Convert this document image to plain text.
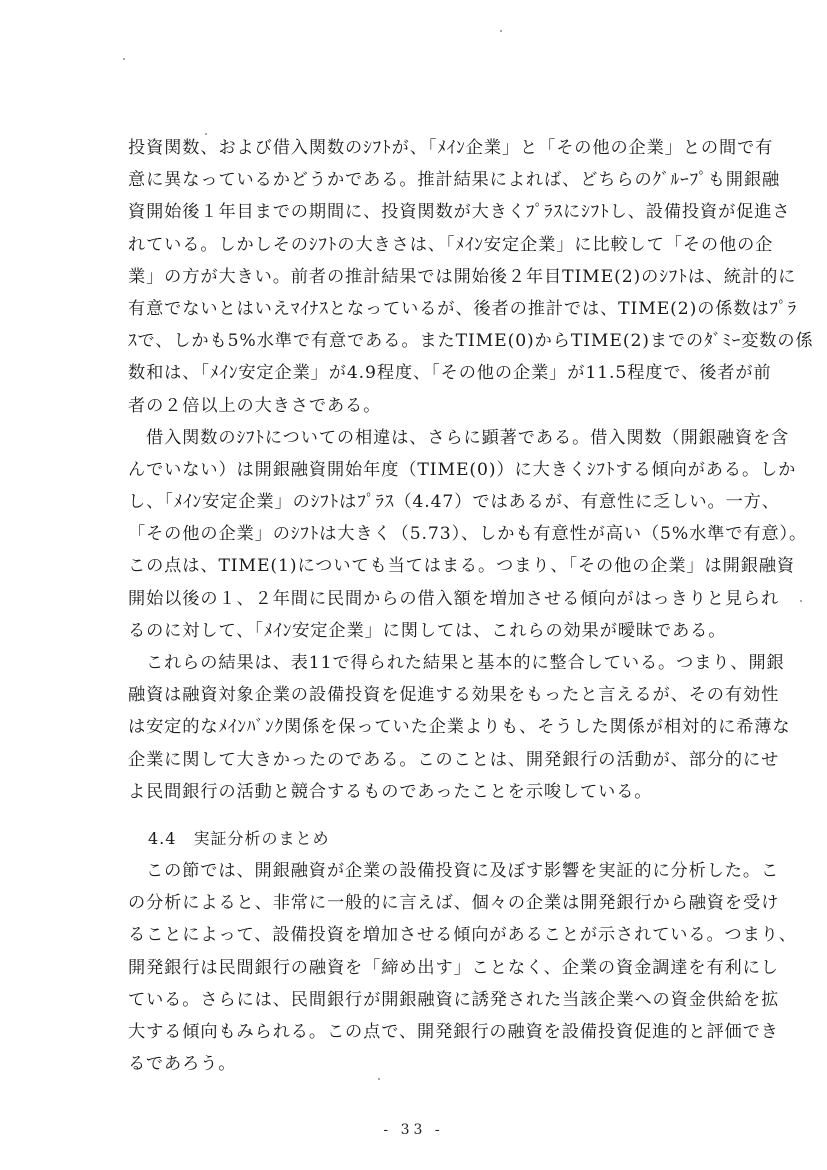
投資関数、および借入関数のｼﾌﾄが、「ﾒｲﾝ企業」と「その他の企業」との間で有
意に異なっているかどうかである。推計結果によれば、どちらのｸﾞﾙｰﾌﾟも開銀融
資開始後１年目までの期間に、投資関数が大きくﾌﾟﾗｽにｼﾌﾄし、設備投資が促進さ
れている。しかしそのｼﾌﾄの大きさは、「ﾒｲﾝ安定企業」に比較して「その他の企
業」の方が大きい。前者の推計結果では開始後２年目TIME(2)のｼﾌﾄは、統計的に
有意でないとはいえﾏｲﾅｽとなっているが、後者の推計では、TIME(2)の係数はﾌﾟﾗ
ｽで、しかも5%水準で有意である。またTIME(0)からTIME(2)までのﾀﾞﾐｰ変数の係
数和は、「ﾒｲﾝ安定企業」が4.9程度、「その他の企業」が11.5程度で、後者が前
者の２倍以上の大きさである。
借入関数のｼﾌﾄについての相違は、さらに顕著である。借入関数（開銀融資を含
んでいない）は開銀融資開始年度（TIME(0)）に大きくｼﾌﾄする傾向がある。しか
し、「ﾒｲﾝ安定企業」のｼﾌﾄはﾌﾟﾗｽ（4.47）ではあるが、有意性に乏しい。一方、
「その他の企業」のｼﾌﾄは大きく（5.73）、しかも有意性が高い（5%水準で有意）。
この点は、TIME(1)についても当てはまる。つまり、「その他の企業」は開銀融資
開始以後の１、２年間に民間からの借入額を増加させる傾向がはっきりと見られ
るのに対して、「ﾒｲﾝ安定企業」に関しては、これらの効果が曖昧である。
これらの結果は、表11で得られた結果と基本的に整合している。つまり、開銀
融資は融資対象企業の設備投資を促進する効果をもったと言えるが、その有効性
は安定的なﾒｲﾝﾊﾞﾝｸ関係を保っていた企業よりも、そうした関係が相対的に希薄な
企業に関して大きかったのである。このことは、開発銀行の活動が、部分的にせ
よ民間銀行の活動と競合するものであったことを示唆している。
4.4　実証分析のまとめ
この節では、開銀融資が企業の設備投資に及ぼす影響を実証的に分析した。こ
の分析によると、非常に一般的に言えば、個々の企業は開発銀行から融資を受け
ることによって、設備投資を増加させる傾向があることが示されている。つまり、
開発銀行は民間銀行の融資を「締め出す」ことなく、企業の資金調達を有利にし
ている。さらには、民間銀行が開銀融資に誘発された当該企業への資金供給を拡
大する傾向もみられる。この点で、開発銀行の融資を設備投資促進的と評価でき
るであろう。
- 33 -
